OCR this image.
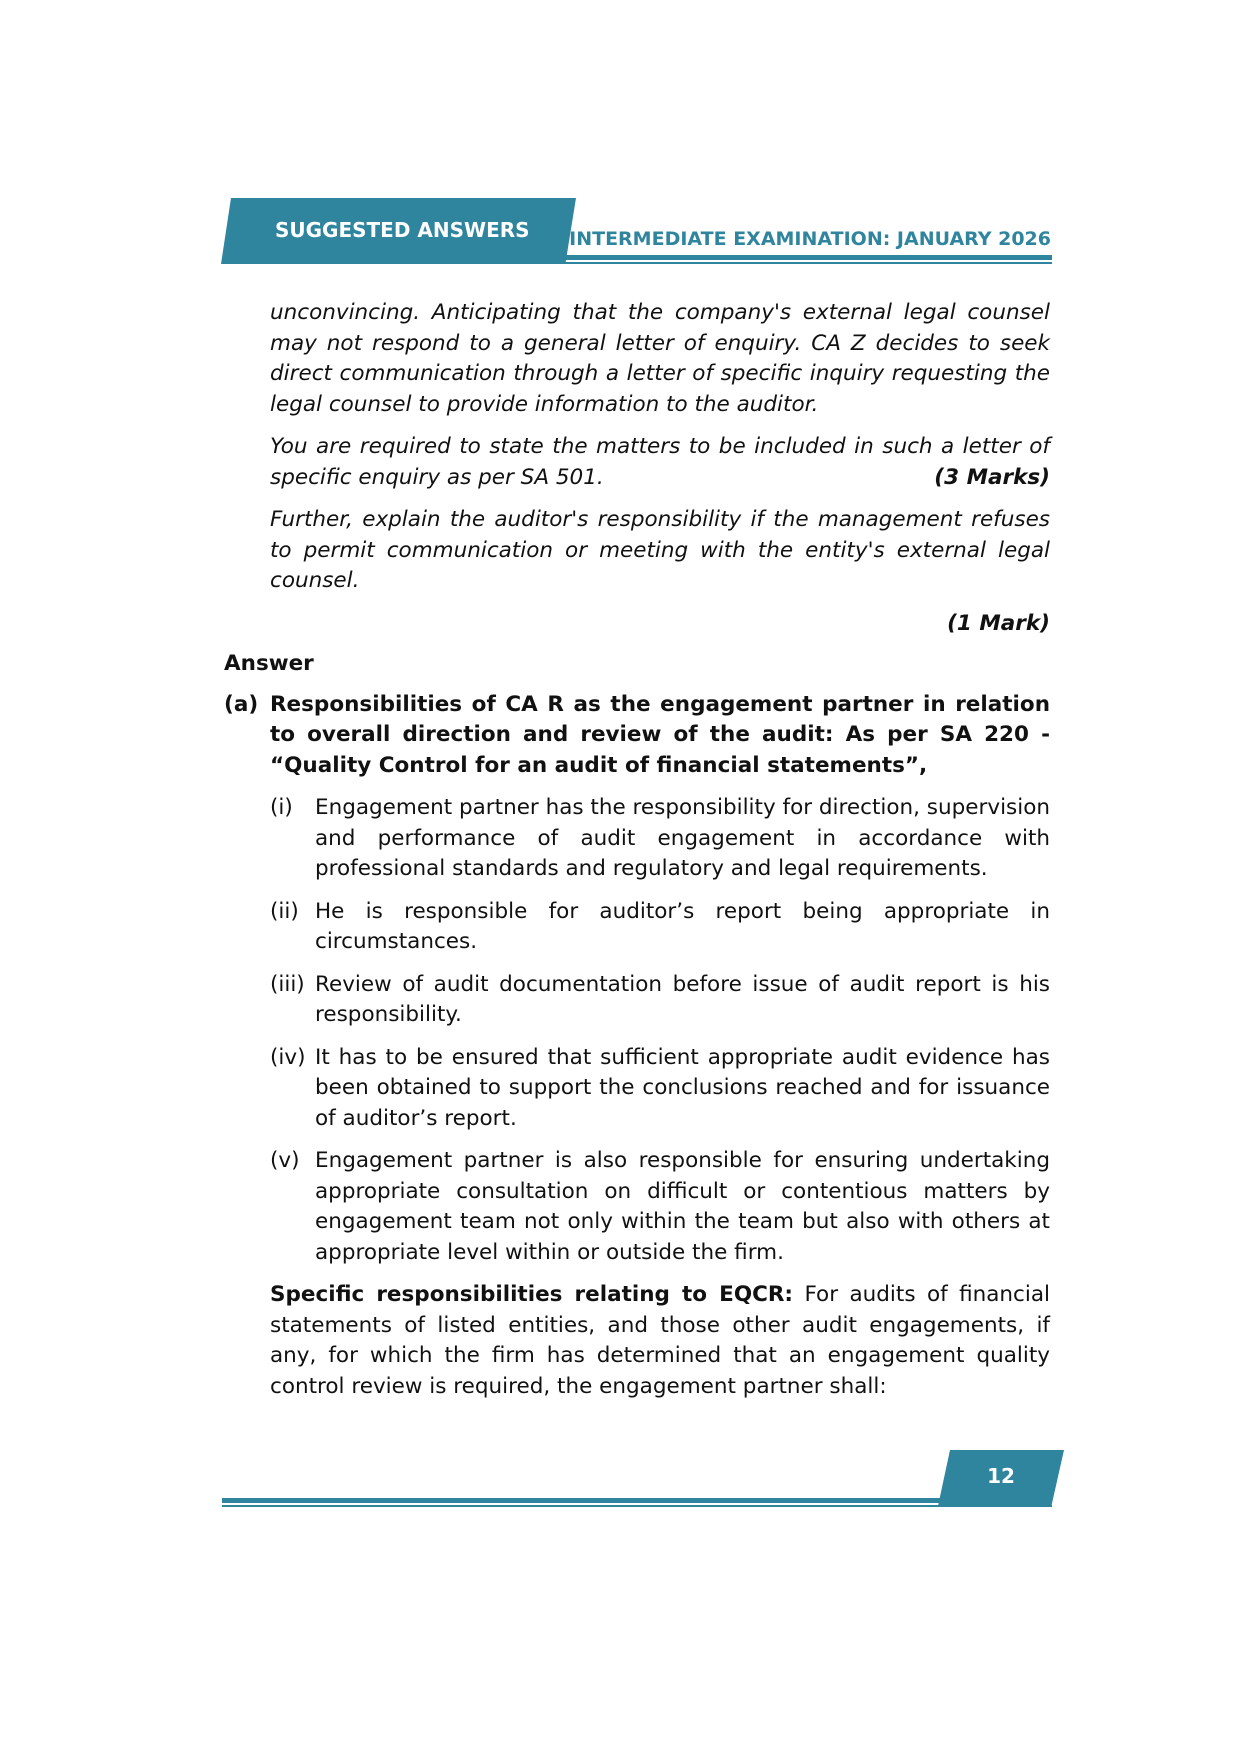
SUGGESTED ANSWERS INTERMEDIATE EXAMINATION: JANUARY 2026

unconvincing. Anticipating that the company's external legal counsel may not respond to a general letter of enquiry. CA Z decides to seek direct communication through a letter of specific inquiry requesting the legal counsel to provide information to the auditor.

You are required to state the matters to be included in such a letter of specific enquiry as per SA 501.	(3 Marks)

Further, explain the auditor's responsibility if the management refuses to permit communication or meeting with the entity's external legal counsel.

(1 Mark)
Answer
(a) Responsibilities of CA R as the engagement partner in relation to overall direction and review of the audit: As per SA 220 - “Quality Control for an audit of financial statements”,
(i)	Engagement partner has the responsibility for direction, supervision and performance of audit engagement in accordance with professional standards and regulatory and legal requirements.
(ii) He is responsible for auditor’s report being appropriate in circumstances.
(iii) Review of audit documentation before issue of audit report is his responsibility.
(iv) It has to be ensured that sufficient appropriate audit evidence has been obtained to support the conclusions reached and for issuance of auditor’s report.
(v) Engagement partner is also responsible for ensuring undertaking appropriate consultation on difficult or contentious matters by engagement team not only within the team but also with others at appropriate level within or outside the firm.

Specific responsibilities relating to EQCR: For audits of financial statements of listed entities, and those other audit engagements, if any, for which the firm has determined that an engagement quality control review is required, the engagement partner shall:

12
